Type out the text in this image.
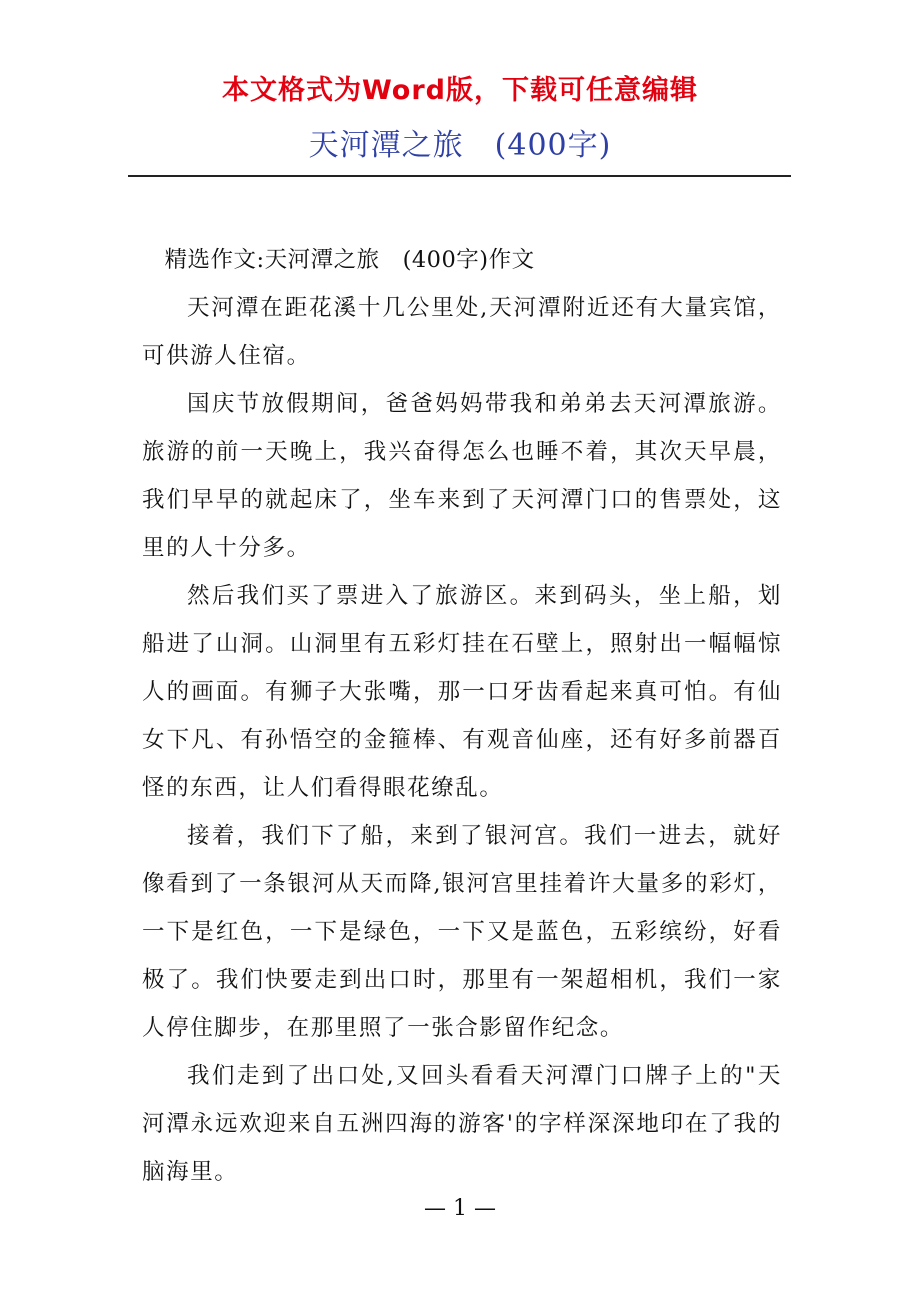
本文格式为Word版，下载可任意编辑
天河潭之旅　(400字)

精选作文:天河潭之旅　(400字)作文

天河潭在距花溪十几公里处,天河潭附近还有大量宾馆，可供游人住宿。

国庆节放假期间，爸爸妈妈带我和弟弟去天河潭旅游。旅游的前一天晚上，我兴奋得怎么也睡不着，其次天早晨，我们早早的就起床了，坐车来到了天河潭门口的售票处，这里的人十分多。

然后我们买了票进入了旅游区。来到码头，坐上船，划船进了山洞。山洞里有五彩灯挂在石壁上，照射出一幅幅惊人的画面。有狮子大张嘴，那一口牙齿看起来真可怕。有仙女下凡、有孙悟空的金箍棒、有观音仙座，还有好多前器百怪的东西，让人们看得眼花缭乱。

接着，我们下了船，来到了银河宫。我们一进去，就好像看到了一条银河从天而降,银河宫里挂着许大量多的彩灯，一下是红色，一下是绿色，一下又是蓝色，五彩缤纷，好看极了。我们快要走到出口时，那里有一架超相机，我们一家人停住脚步，在那里照了一张合影留作纪念。

我们走到了出口处,又回头看看天河潭门口牌子上的"天河潭永远欢迎来自五洲四海的游客'的字样深深地印在了我的脑海里。

— 1 —
